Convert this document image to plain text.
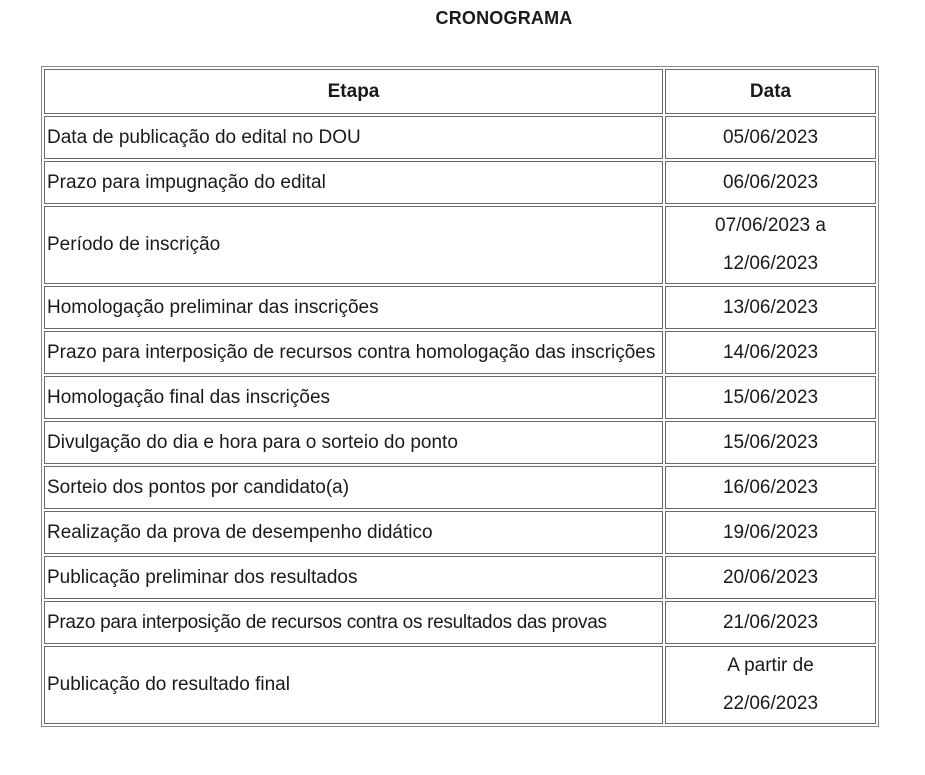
CRONOGRAMA
Etapa	Data
Data de publicação do edital no DOU	05/06/2023
Prazo para impugnação do edital	06/06/2023
Período de inscrição	07/06/2023 a 12/06/2023
Homologação preliminar das inscrições	13/06/2023
Prazo para interposição de recursos contra homologação das inscrições	14/06/2023
Homologação final das inscrições	15/06/2023
Divulgação do dia e hora para o sorteio do ponto	15/06/2023
Sorteio dos pontos por candidato(a)	16/06/2023
Realização da prova de desempenho didático	19/06/2023
Publicação preliminar dos resultados	20/06/2023
Prazo para interposição de recursos contra os resultados das provas	21/06/2023
Publicação do resultado final	A partir de 22/06/2023
